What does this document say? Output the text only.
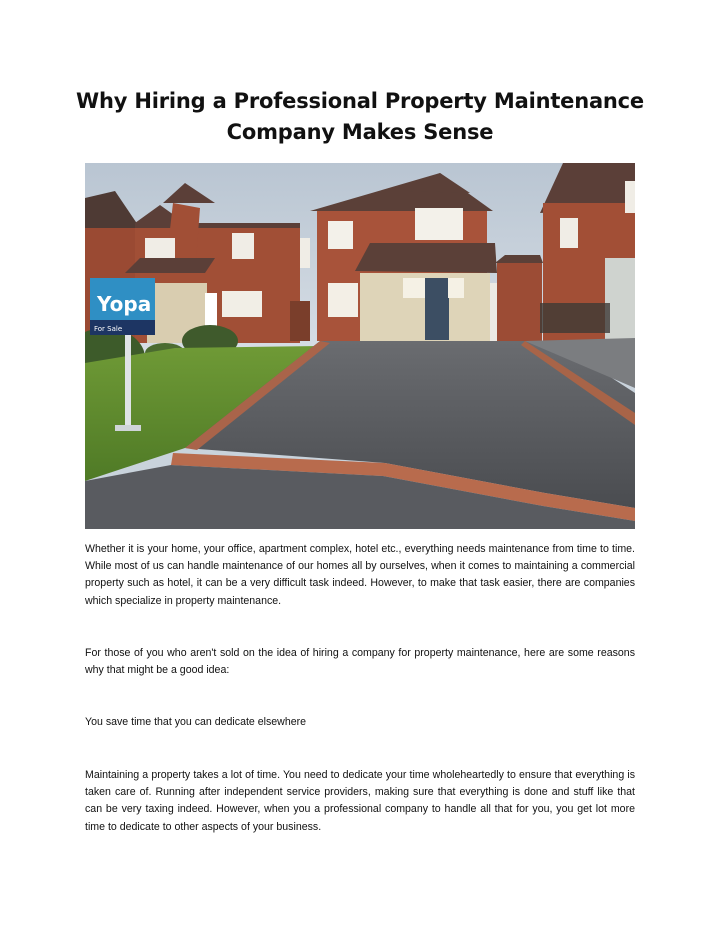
Why Hiring a Professional Property Maintenance Company Makes Sense
Yopa
For Sale

Whether it is your home, your office, apartment complex, hotel etc., everything needs maintenance from time to time. While most of us can handle maintenance of our homes all by ourselves, when it comes to maintaining a commercial property such as hotel, it can be a very difficult task indeed. However, to make that task easier, there are companies which specialize in property maintenance.

For those of you who aren't sold on the idea of hiring a company for property maintenance, here are some reasons why that might be a good idea:

You save time that you can dedicate elsewhere

Maintaining a property takes a lot of time. You need to dedicate your time wholeheartedly to ensure that everything is taken care of. Running after independent service providers, making sure that everything is done and stuff like that can be very taxing indeed. However, when you a professional company to handle all that for you, you get lot more time to dedicate to other aspects of your business.
